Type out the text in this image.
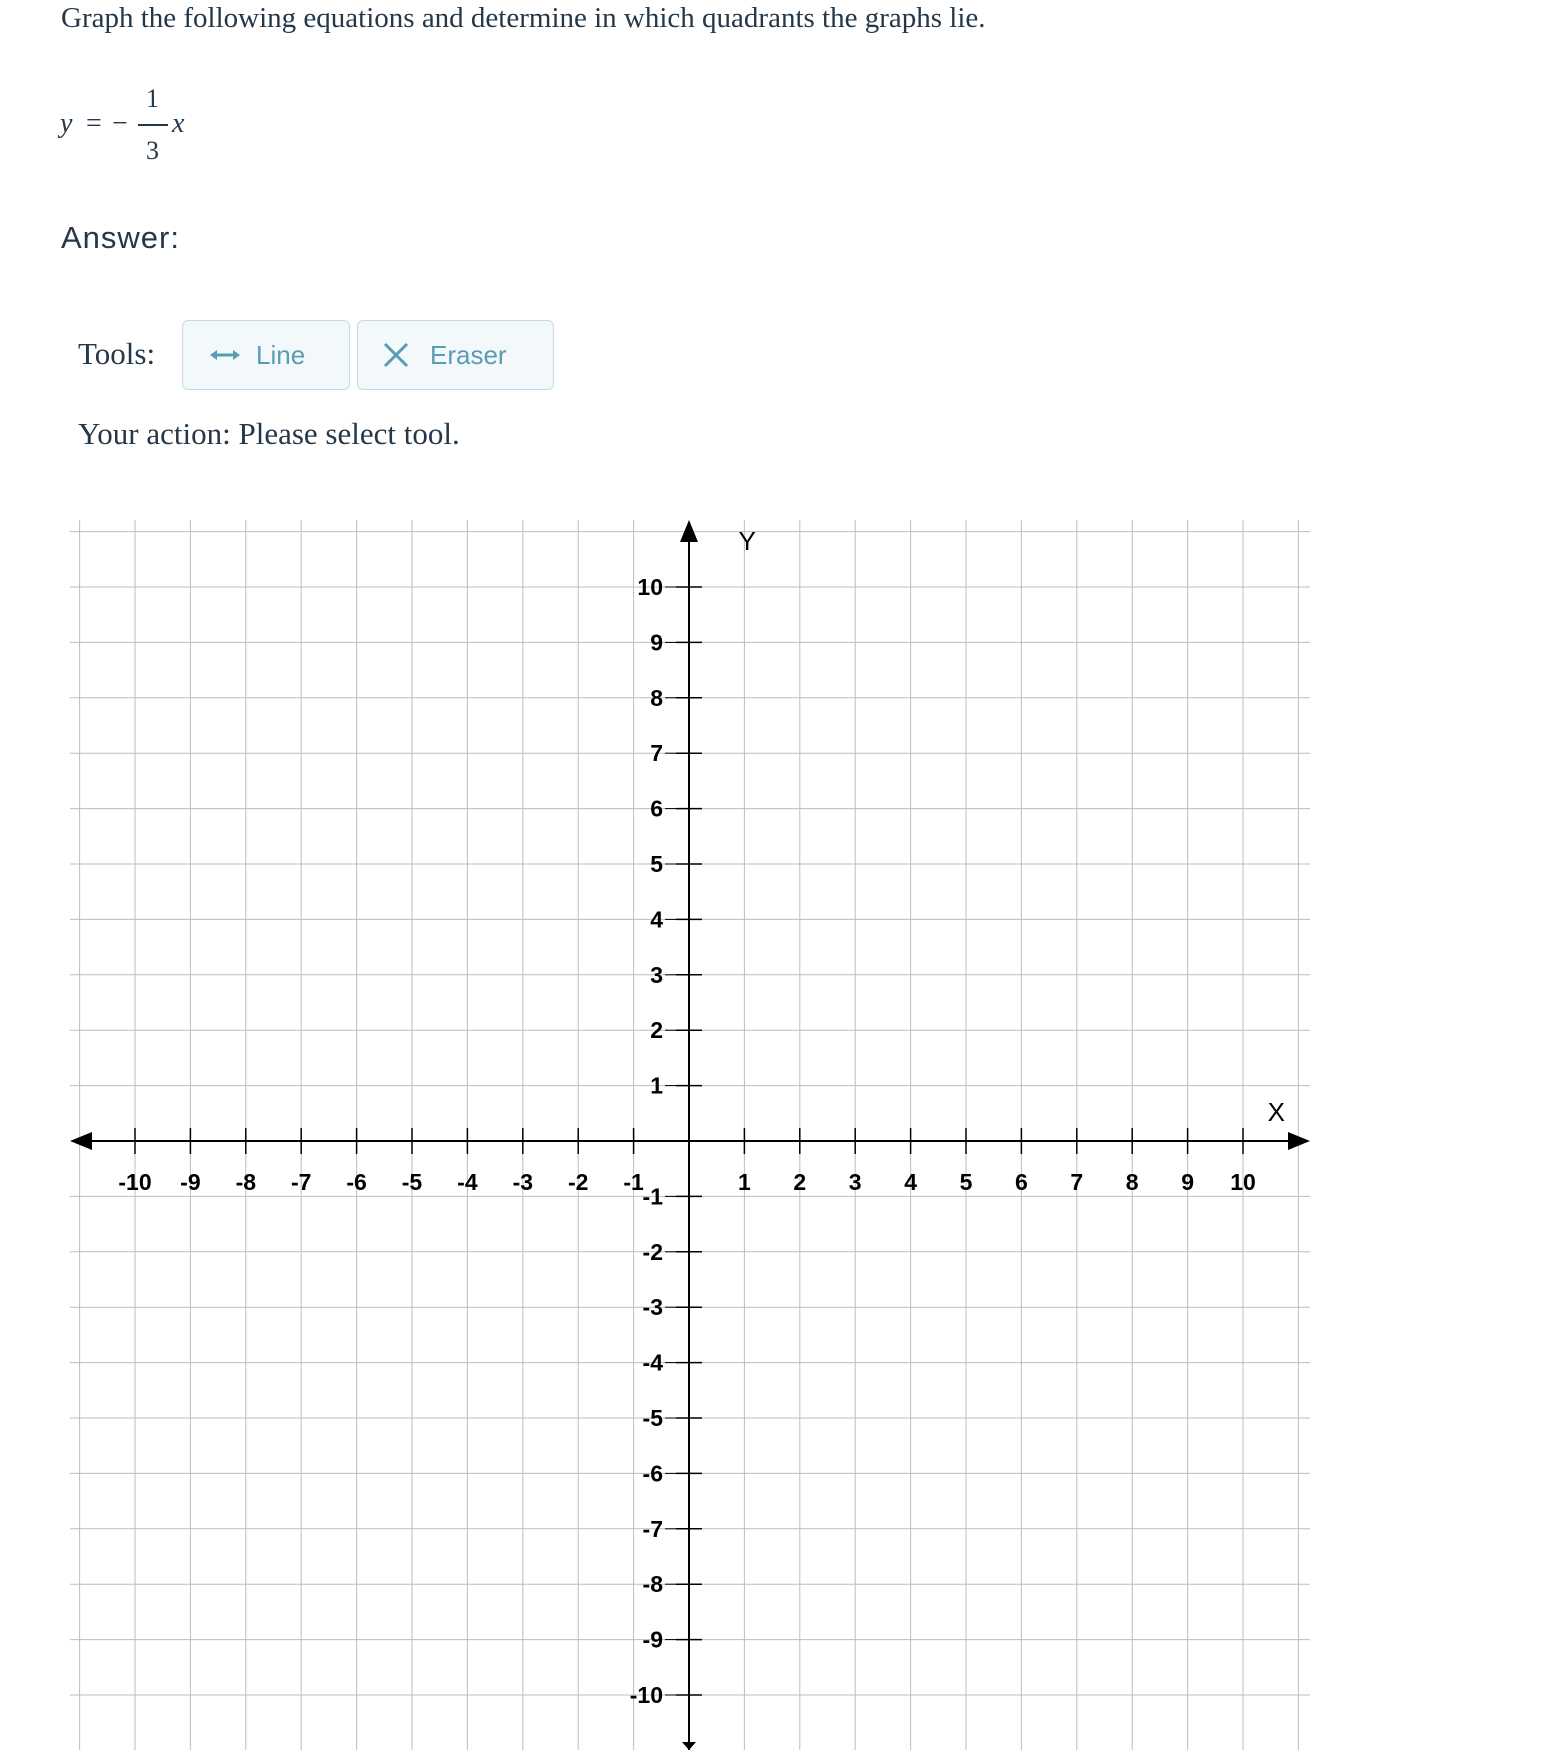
Graph the following equations and determine in which quadrants the graphs lie.
y = −
1
3
x
Answer:
Tools:	Line	Eraser
Your action: Please select tool.
-10 -9 -8 -7 -6 -5 -4 -3 -2 -1	1 2 3 4 5 6 7 8 9 10
10
9
8
7
6
5
4
3
2
1
-1
-2
-3
-4
-5
-6
-7
-8
-9
-10
X
Y
